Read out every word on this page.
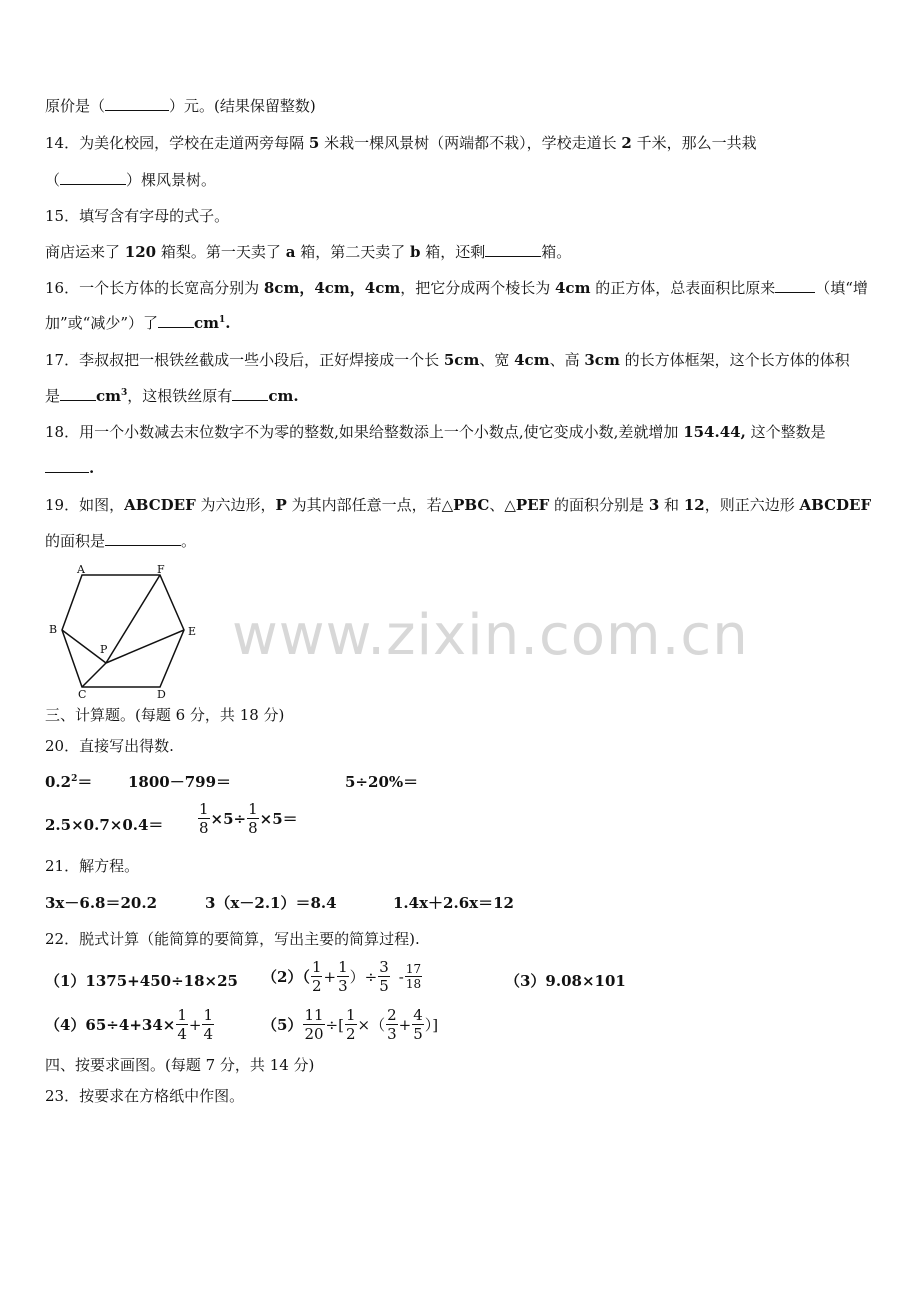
www.zixin.com.cn
原价是（	）元。(结果保留整数)
14．为美化校园，学校在走道两旁每隔 5 米栽一棵风景树（两端都不栽），学校走道长 2 千米，那么一共栽
（	）棵风景树。
15．填写含有字母的式子。
商店运来了 120 箱梨。第一天卖了 a 箱，第二天卖了 b 箱，还剩	箱。
16．一个长方体的长宽高分别为 8cm，4cm，4cm，把它分成两个棱长为 4cm 的正方体，总表面积比原来	（填“增
加”或“减少”）了 $cm^1$.
17．李叔叔把一根铁丝截成一些小段后，正好焊接成一个长 5cm、宽 4cm、高 3cm 的长方体框架，这个长方体的体积
是 $cm^3$，这根铁丝原有 cm.
18．用一个小数减去末位数字不为零的整数,如果给整数添上一个小数点,使它变成小数,差就增加 154.44, 这个整数是
.
19．如图，ABCDEF 为六边形，P 为其内部任意一点，若△PBC、△PEF 的面积分别是 3 和 12，则正六边形 ABCDEF
的面积是	。
A	F
B	E
P
C	D
三、计算题。(每题 6 分，共 18 分)
20．直接写出得数.
$0.2^2= 1800-799=$	5÷20%＝
$2.5\times 0.7\times 0.4= \frac{1}{8} \times 5\div \frac{1}{8} \times 5=$
21．解方程。
3x－6.8＝20.2	3（x－2.1）＝8.4	1.4x＋2.6x＝12
22．脱式计算（能简算的要简算，写出主要的简算过程).
（1）1375+450÷18×25 $(2)( \frac{1}{2} + \frac{1}{3}$ ）÷ $\frac{3}{5} - \frac{17}{18}$	（3）9.08×101
$(4)65\div 4+34\times \frac{1}{4} + \frac{1}{4}$	$(5) \frac{11}{20}$ ÷[ $\frac{1}{2}$ ×（ $\frac{2}{3} + \frac{4}{5}$ ）]
四、按要求画图。(每题 7 分，共 14 分)
23．按要求在方格纸中作图。
